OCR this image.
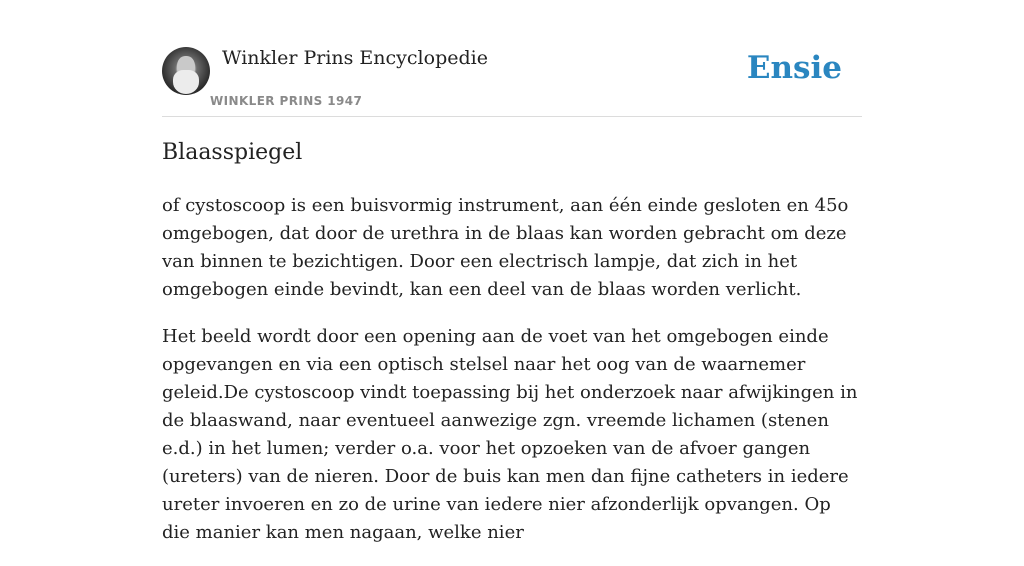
Winkler Prins Encyclopedie
WINKLER PRINS 1947
Ensie
Blaasspiegel

of cystoscoop is een buisvormig instrument, aan één einde gesloten en 45o omgebogen, dat door de urethra in de blaas kan worden gebracht om deze van binnen te bezichtigen. Door een electrisch lampje, dat zich in het omgebogen einde bevindt, kan een deel van de blaas worden verlicht.

Het beeld wordt door een opening aan de voet van het omgebogen einde opgevangen en via een optisch stelsel naar het oog van de waarnemer geleid.De cystoscoop vindt toepassing bij het onderzoek naar afwijkingen in de blaaswand, naar eventueel aanwezige zgn. vreemde lichamen (stenen e.d.) in het lumen; verder o.a. voor het opzoeken van de afvoer gangen (ureters) van de nieren. Door de buis kan men dan fijne catheters in iedere ureter invoeren en zo de urine van iedere nier afzonderlijk opvangen. Op die manier kan men nagaan, welke nier
